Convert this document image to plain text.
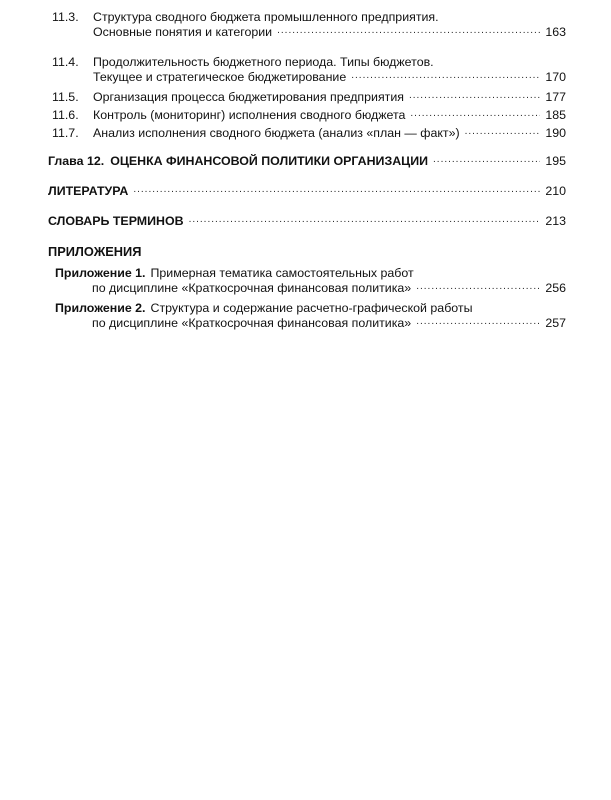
11.3.	Структура сводного бюджета промышленного предприятия.
Основные понятия и категории .....	163
11.4.	Продолжительность бюджетного периода. Типы бюджетов.
Текущее и стратегическое бюджетирование .....	170
11.5.	Организация процесса бюджетирования предприятия .....	177
11.6.	Контроль (мониторинг) исполнения сводного бюджета .....	185
11.7.	Анализ исполнения сводного бюджета (анализ «план — факт») .....	190
Глава 12. ОЦЕНКА ФИНАНСОВОЙ ПОЛИТИКИ ОРГАНИЗАЦИИ .....	195
ЛИТЕРАТУРА .....	210
СЛОВАРЬ ТЕРМИНОВ .....	213
ПРИЛОЖЕНИЯ
Приложение 1. Примерная тематика самостоятельных работ
по дисциплине «Краткосрочная финансовая политика» .....	256
Приложение 2. Структура и содержание расчетно-графической работы
по дисциплине «Краткосрочная финансовая политика» .....	257
